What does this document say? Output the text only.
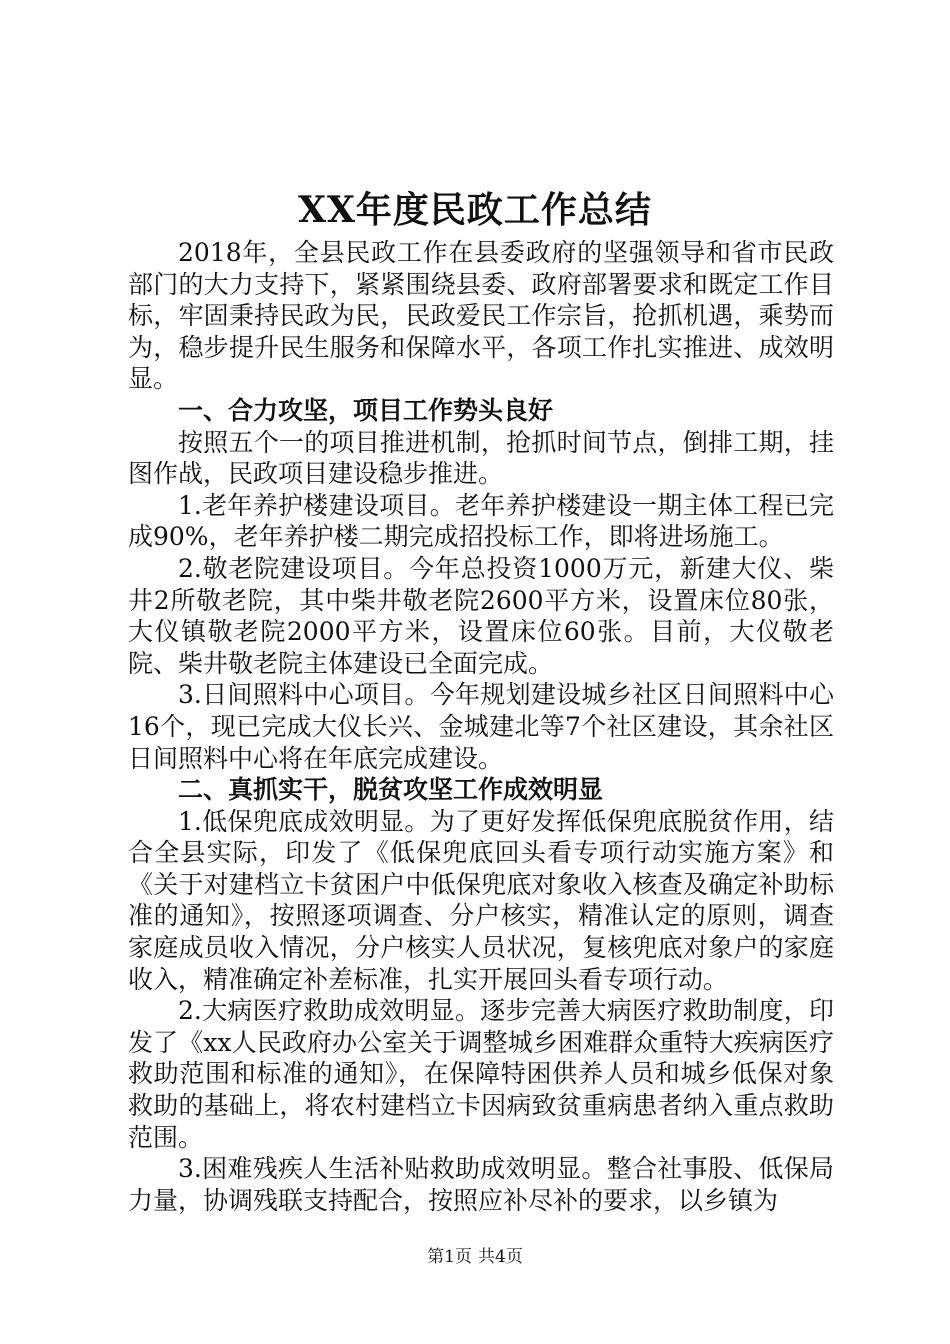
XX年度民政工作总结

2018年，全县民政工作在县委政府的坚强领导和省市民政部门的大力支持下，紧紧围绕县委、政府部署要求和既定工作目标，牢固秉持民政为民，民政爱民工作宗旨，抢抓机遇，乘势而为，稳步提升民生服务和保障水平，各项工作扎实推进、成效明显。

一、合力攻坚，项目工作势头良好

按照五个一的项目推进机制，抢抓时间节点，倒排工期，挂图作战，民政项目建设稳步推进。

1.老年养护楼建设项目。老年养护楼建设一期主体工程已完成90%，老年养护楼二期完成招投标工作，即将进场施工。

2.敬老院建设项目。今年总投资1000万元，新建大仪、柴井2所敬老院，其中柴井敬老院2600平方米，设置床位80张，大仪镇敬老院2000平方米，设置床位60张。目前，大仪敬老院、柴井敬老院主体建设已全面完成。

3.日间照料中心项目。今年规划建设城乡社区日间照料中心16个，现已完成大仪长兴、金城建北等7个社区建设，其余社区日间照料中心将在年底完成建设。

二、真抓实干，脱贫攻坚工作成效明显

1.低保兜底成效明显。为了更好发挥低保兜底脱贫作用，结合全县实际，印发了《低保兜底回头看专项行动实施方案》和《关于对建档立卡贫困户中低保兜底对象收入核查及确定补助标准的通知》，按照逐项调查、分户核实，精准认定的原则，调查家庭成员收入情况，分户核实人员状况，复核兜底对象户的家庭收入，精准确定补差标准，扎实开展回头看专项行动。

2.大病医疗救助成效明显。逐步完善大病医疗救助制度，印发了《xx人民政府办公室关于调整城乡困难群众重特大疾病医疗救助范围和标准的通知》，在保障特困供养人员和城乡低保对象救助的基础上，将农村建档立卡因病致贫重病患者纳入重点救助范围。

3.困难残疾人生活补贴救助成效明显。整合社事股、低保局力量，协调残联支持配合，按照应补尽补的要求，以乡镇为

第1页 共4页
